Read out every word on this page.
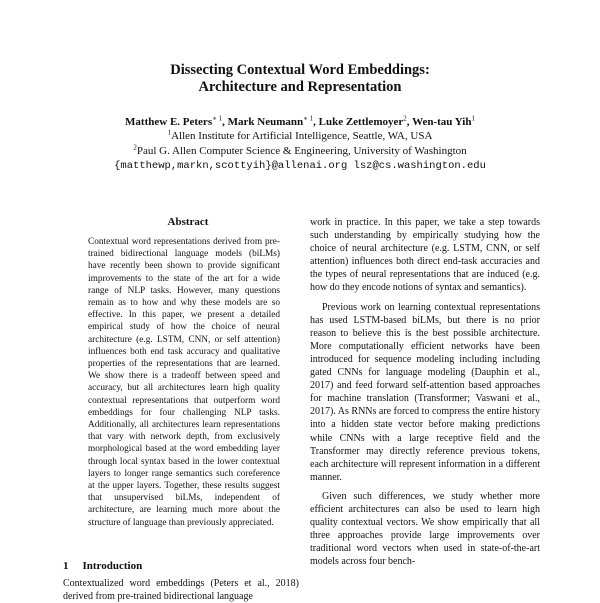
Dissecting Contextual Word Embeddings:
Architecture and Representation
Matthew E. Peters$^{∗ 1}$, Mark Neumann$^{∗ 1}$, Luke Zettlemoyer$^2$, Wen-tau Yih$^1$
$^1$Allen Institute for Artificial Intelligence, Seattle, WA, USA
$^2$Paul G. Allen Computer Science & Engineering, University of Washington
{matthewp,markn,scottyih}@allenai.org lsz@cs.washington.edu
Abstract
Contextual word representations derived from pre-trained bidirectional language models (biLMs) have recently been shown to provide significant improvements to the state of the art for a wide range of NLP tasks. However, many questions remain as to how and why these models are so effective. In this paper, we present a detailed empirical study of how the choice of neural architecture (e.g. LSTM, CNN, or self attention) influences both end task accuracy and qualitative properties of the representations that are learned. We show there is a tradeoff between speed and accuracy, but all architectures learn high quality contextual representations that outperform word embeddings for four challenging NLP tasks. Additionally, all architectures learn representations that vary with network depth, from exclusively morphological based at the word embedding layer through local syntax based in the lower contextual layers to longer range semantics such coreference at the upper layers. Together, these results suggest that unsupervised biLMs, independent of architecture, are learning much more about the structure of language than previously appreciated.
1 Introduction
Contextualized word embeddings (Peters et al., 2018) derived from pre-trained bidirectional language

work in practice. In this paper, we take a step towards such understanding by empirically studying how the choice of neural architecture (e.g. LSTM, CNN, or self attention) influences both direct end-task accuracies and the types of neural representations that are induced (e.g. how do they encode notions of syntax and semantics).

Previous work on learning contextual representations has used LSTM-based biLMs, but there is no prior reason to believe this is the best possible architecture. More computationally efficient networks have been introduced for sequence modeling including including gated CNNs for language modeling (Dauphin et al., 2017) and feed forward self-attention based approaches for machine translation (Transformer; Vaswani et al., 2017). As RNNs are forced to compress the entire history into a hidden state vector before making predictions while CNNs with a large receptive field and the Transformer may directly reference previous tokens, each architecture will represent information in a different manner.

Given such differences, we study whether more efficient architectures can also be used to learn high quality contextual vectors. We show empirically that all three approaches provide large improvements over traditional word vectors when used in state-of-the-art models across four bench-
